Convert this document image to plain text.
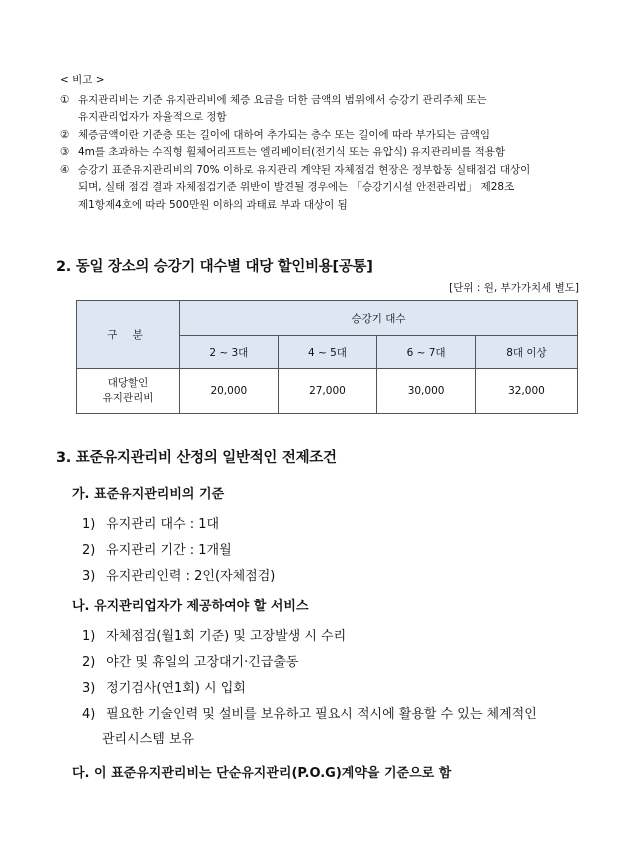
< 비고 >
① 유지관리비는 기준 유지관리비에 체증 요금을 더한 금액의 범위에서 승강기 관리주체 또는
유지관리업자가 자율적으로 정함
② 체증금액이란 기준층 또는 길이에 대하여 추가되는 층수 또는 길이에 따라 부가되는 금액임
③ 4m를 초과하는 수직형 휠체어리프트는 엘리베이터(전기식 또는 유압식) 유지관리비를 적용함
④ 승강기 표준유지관리비의 70% 이하로 유지관리 계약된 자체점검 현장은 정부합동 실태점검 대상이
되며, 실태 점검 결과 자체점검기준 위반이 발견될 경우에는 「승강기시설 안전관리법」 제28조
제1항제4호에 따라 500만원 이하의 과태료 부과 대상이 됨
2. 동일 장소의 승강기 대수별 대당 할인비용[공통]
[단위 : 원, 부가가치세 별도]
구 분	승강기 대수			
	2 ~ 3대	4 ~ 5대	6 ~ 7대	8대 이상

대당할인
유지관리비	20,000	27,000	30,000	32,000
3. 표준유지관리비 산정의 일반적인 전제조건
가. 표준유지관리비의 기준
1) 유지관리 대수 : 1대
2) 유지관리 기간 : 1개월
3) 유지관리인력 : 2인(자체점검)
나. 유지관리업자가 제공하여야 할 서비스
1) 자체점검(월1회 기준) 및 고장발생 시 수리
2) 야간 및 휴일의 고장대기·긴급출동
3) 정기검사(연1회) 시 입회
4) 필요한 기술인력 및 설비를 보유하고 필요시 적시에 활용할 수 있는 체계적인
관리시스템 보유
다. 이 표준유지관리비는 단순유지관리(P.O.G)계약을 기준으로 함
